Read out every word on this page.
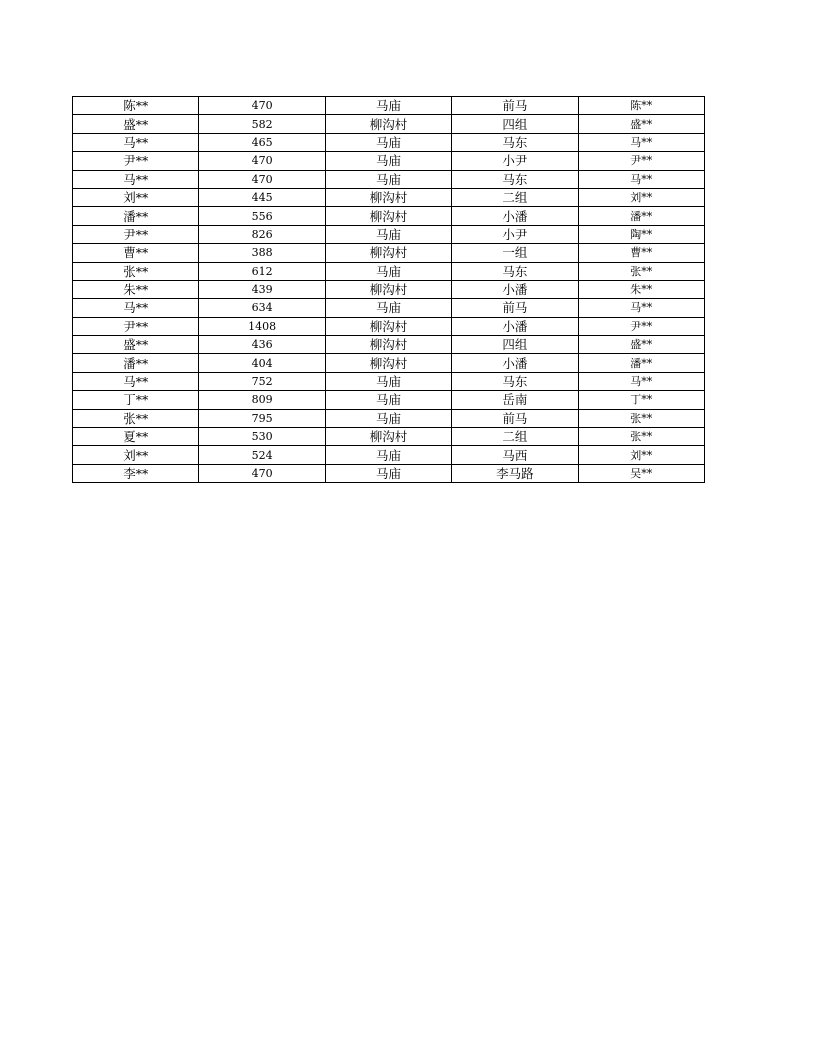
陈**	470	马庙	前马	陈**
盛**	582	柳沟村	四组	盛**
马**	465	马庙	马东	马**
尹**	470	马庙	小尹	尹**
马**	470	马庙	马东	马**
刘**	445	柳沟村	二组	刘**
潘**	556	柳沟村	小潘	潘**
尹**	826	马庙	小尹	陶**
曹**	388	柳沟村	一组	曹**
张**	612	马庙	马东	张**
朱**	439	柳沟村	小潘	朱**
马**	634	马庙	前马	马**
尹**	1408	柳沟村	小潘	尹**
盛**	436	柳沟村	四组	盛**
潘**	404	柳沟村	小潘	潘**
马**	752	马庙	马东	马**
丁**	809	马庙	岳南	丁**
张**	795	马庙	前马	张**
夏**	530	柳沟村	二组	张**
刘**	524	马庙	马西	刘**
李**	470	马庙	李马路	吴**
